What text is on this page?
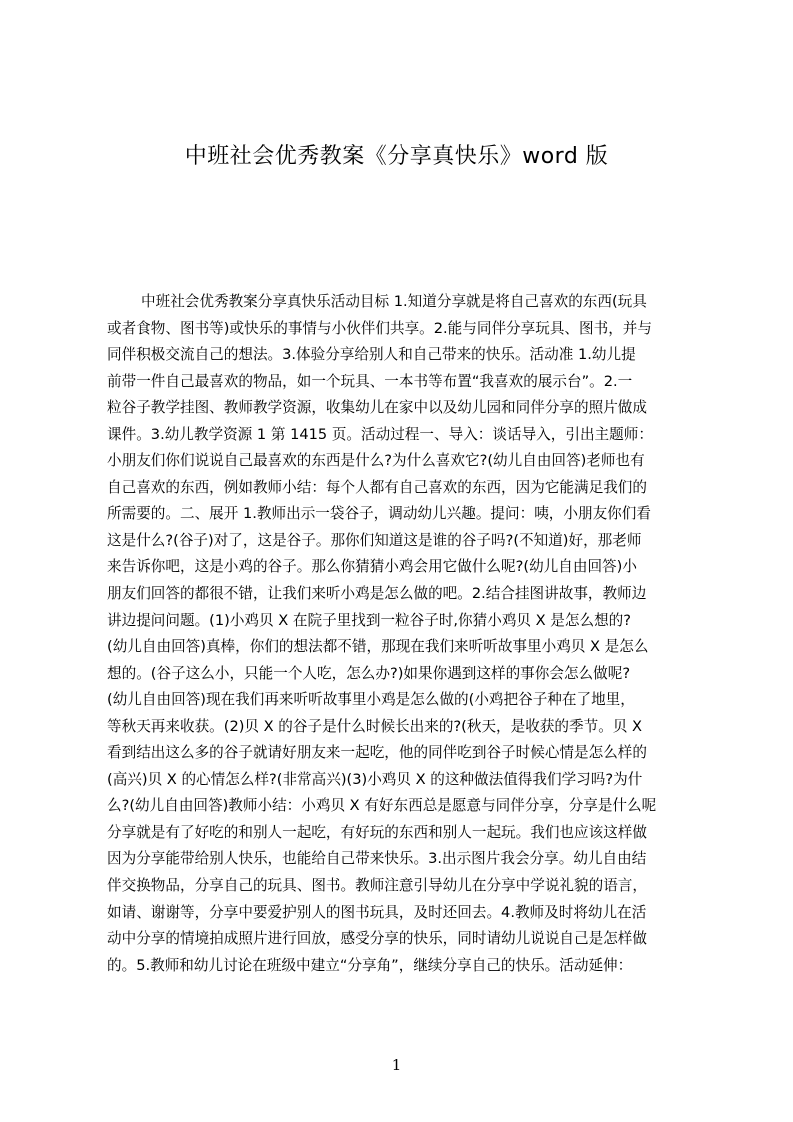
中班社会优秀教案《分享真快乐》word 版
中班社会优秀教案分享真快乐活动目标 1.知道分享就是将自己喜欢的东西(玩具
或者食物、图书等)或快乐的事情与小伙伴们共享。2.能与同伴分享玩具、图书，并与
同伴积极交流自己的想法。3.体验分享给别人和自己带来的快乐。活动准 1.幼儿提
前带一件自己最喜欢的物品，如一个玩具、一本书等布置“我喜欢的展示台”。2.一
粒谷子教学挂图、教师教学资源，收集幼儿在家中以及幼儿园和同伴分享的照片做成
课件。3.幼儿教学资源 1 第 1415 页。活动过程一、导入：谈话导入，引出主题师：
小朋友们你们说说自己最喜欢的东西是什么?为什么喜欢它?(幼儿自由回答)老师也有
自己喜欢的东西，例如教师小结：每个人都有自己喜欢的东西，因为它能满足我们的
所需要的。二、展开 1.教师出示一袋谷子，调动幼儿兴趣。提问：咦，小朋友你们看
这是什么?(谷子)对了，这是谷子。那你们知道这是谁的谷子吗?(不知道)好，那老师
来告诉你吧，这是小鸡的谷子。那么你猜猜小鸡会用它做什么呢?(幼儿自由回答)小
朋友们回答的都很不错，让我们来听小鸡是怎么做的吧。2.结合挂图讲故事，教师边
讲边提问问题。(1)小鸡贝 X 在院子里找到一粒谷子时,你猜小鸡贝 X 是怎么想的?
(幼儿自由回答)真棒，你们的想法都不错，那现在我们来听听故事里小鸡贝 X 是怎么
想的。(谷子这么小，只能一个人吃，怎么办?)如果你遇到这样的事你会怎么做呢?
(幼儿自由回答)现在我们再来听听故事里小鸡是怎么做的(小鸡把谷子种在了地里，
等秋天再来收获。(2)贝 X 的谷子是什么时候长出来的?(秋天，是收获的季节。贝 X
看到结出这么多的谷子就请好朋友来一起吃，他的同伴吃到谷子时候心情是怎么样的
(高兴)贝 X 的心情怎么样?(非常高兴)(3)小鸡贝 X 的这种做法值得我们学习吗?为什
么?(幼儿自由回答)教师小结：小鸡贝 X 有好东西总是愿意与同伴分享，分享是什么呢
分享就是有了好吃的和别人一起吃，有好玩的东西和别人一起玩。我们也应该这样做
因为分享能带给别人快乐，也能给自己带来快乐。3.出示图片我会分享。幼儿自由结
伴交换物品，分享自己的玩具、图书。教师注意引导幼儿在分享中学说礼貌的语言，
如请、谢谢等，分享中要爱护别人的图书玩具，及时还回去。4.教师及时将幼儿在活
动中分享的情境拍成照片进行回放，感受分享的快乐，同时请幼儿说说自己是怎样做
的。5.教师和幼儿讨论在班级中建立“分享角”，继续分享自己的快乐。活动延伸：
1
